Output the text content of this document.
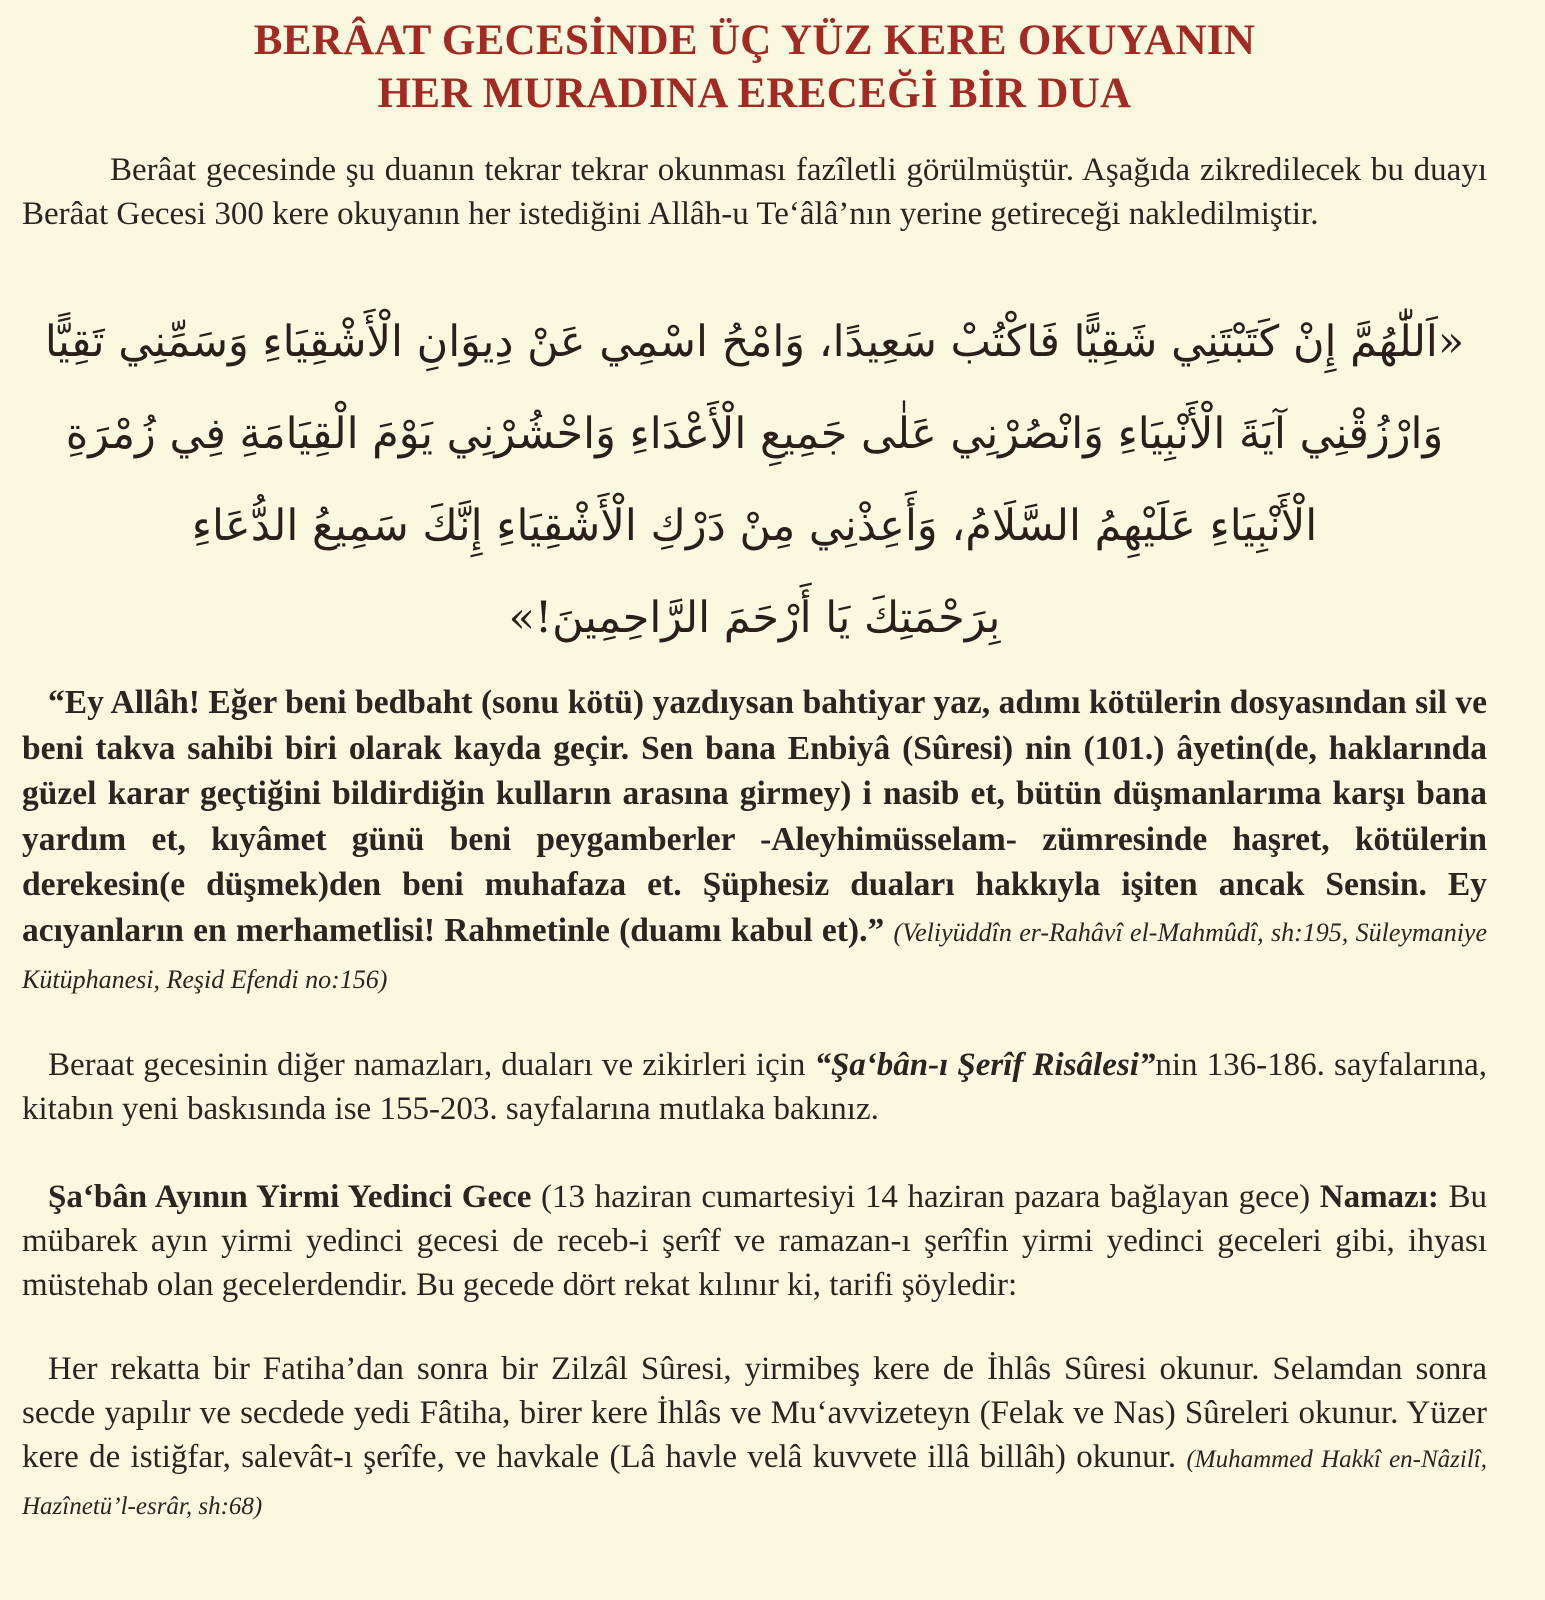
BERÂAT GECESİNDE ÜÇ YÜZ KERE OKUYANIN
HER MURADINA ERECEĞİ BİR DUA

Berâat gecesinde şu duanın tekrar tekrar okunması fazîletli görülmüştür. Aşağıda zikredilecek bu duayı Berâat Gecesi 300 kere okuyanın her istediğini Allâh-u Te‘âlâ’nın yerine getireceği nakledilmiştir.

«اَللّٰهُمَّ إِنْ كَتَبْتَنِي شَقِيًّا فَاكْتُبْ سَعِيدًا، وَامْحُ اسْمِي عَنْ دِيوَانِ الْأَشْقِيَاءِ وَسَمِّنِي تَقِيًّا
وَارْزُقْنِي آيَةَ الْأَنْبِيَاءِ وَانْصُرْنِي عَلٰى جَمِيعِ الْأَعْدَاءِ وَاحْشُرْنِي يَوْمَ الْقِيَامَةِ فِي زُمْرَةِ
الْأَنْبِيَاءِ عَلَيْهِمُ السَّلَامُ، وَأَعِذْنِي مِنْ دَرْكِ الْأَشْقِيَاءِ إِنَّكَ سَمِيعُ الدُّعَاءِ
بِرَحْمَتِكَ يَا أَرْحَمَ الرَّاحِمِينَ!»

“Ey Allâh! Eğer beni bedbaht (sonu kötü) yazdıysan bahtiyar yaz, adımı kötülerin dosyasından sil ve beni takva sahibi biri olarak kayda geçir. Sen bana Enbiyâ (Sûresi) nin (101.) âyetin(de, haklarında güzel karar geçtiğini bildirdiğin kulların arasına girmey) i nasib et, bütün düşmanlarıma karşı bana yardım et, kıyâmet günü beni peygamberler -Aleyhimüsselam- zümresinde haşret, kötülerin derekesin(e düşmek)den beni muhafaza et. Şüphesiz duaları hakkıyla işiten ancak Sensin. Ey acıyanların en merhametlisi! Rahmetinle (duamı kabul et).” (Veliyüddîn er-Rahâvî el-Mahmûdî, sh:195, Süleymaniye Kütüphanesi, Reşid Efendi no:156)

Beraat gecesinin diğer namazları, duaları ve zikirleri için “Şa‘bân-ı Şerîf Risâlesi”nin 136-186. sayfalarına, kitabın yeni baskısında ise 155-203. sayfalarına mutlaka bakınız.

Şa‘bân Ayının Yirmi Yedinci Gece (13 haziran cumartesiyi 14 haziran pazara bağlayan gece) Namazı: Bu mübarek ayın yirmi yedinci gecesi de receb-i şerîf ve ramazan-ı şerîfin yirmi yedinci geceleri gibi, ihyası müstehab olan gecelerdendir. Bu gecede dört rekat kılınır ki, tarifi şöyledir:

Her rekatta bir Fatiha’dan sonra bir Zilzâl Sûresi, yirmibeş kere de İhlâs Sûresi okunur. Selamdan sonra secde yapılır ve secdede yedi Fâtiha, birer kere İhlâs ve Mu‘avvizeteyn (Felak ve Nas) Sûreleri okunur. Yüzer kere de istiğfar, salevât-ı şerîfe, ve havkale (Lâ havle velâ kuvvete illâ billâh) okunur. (Muhammed Hakkî en-Nâzilî, Hazînetü’l-esrâr, sh:68)
